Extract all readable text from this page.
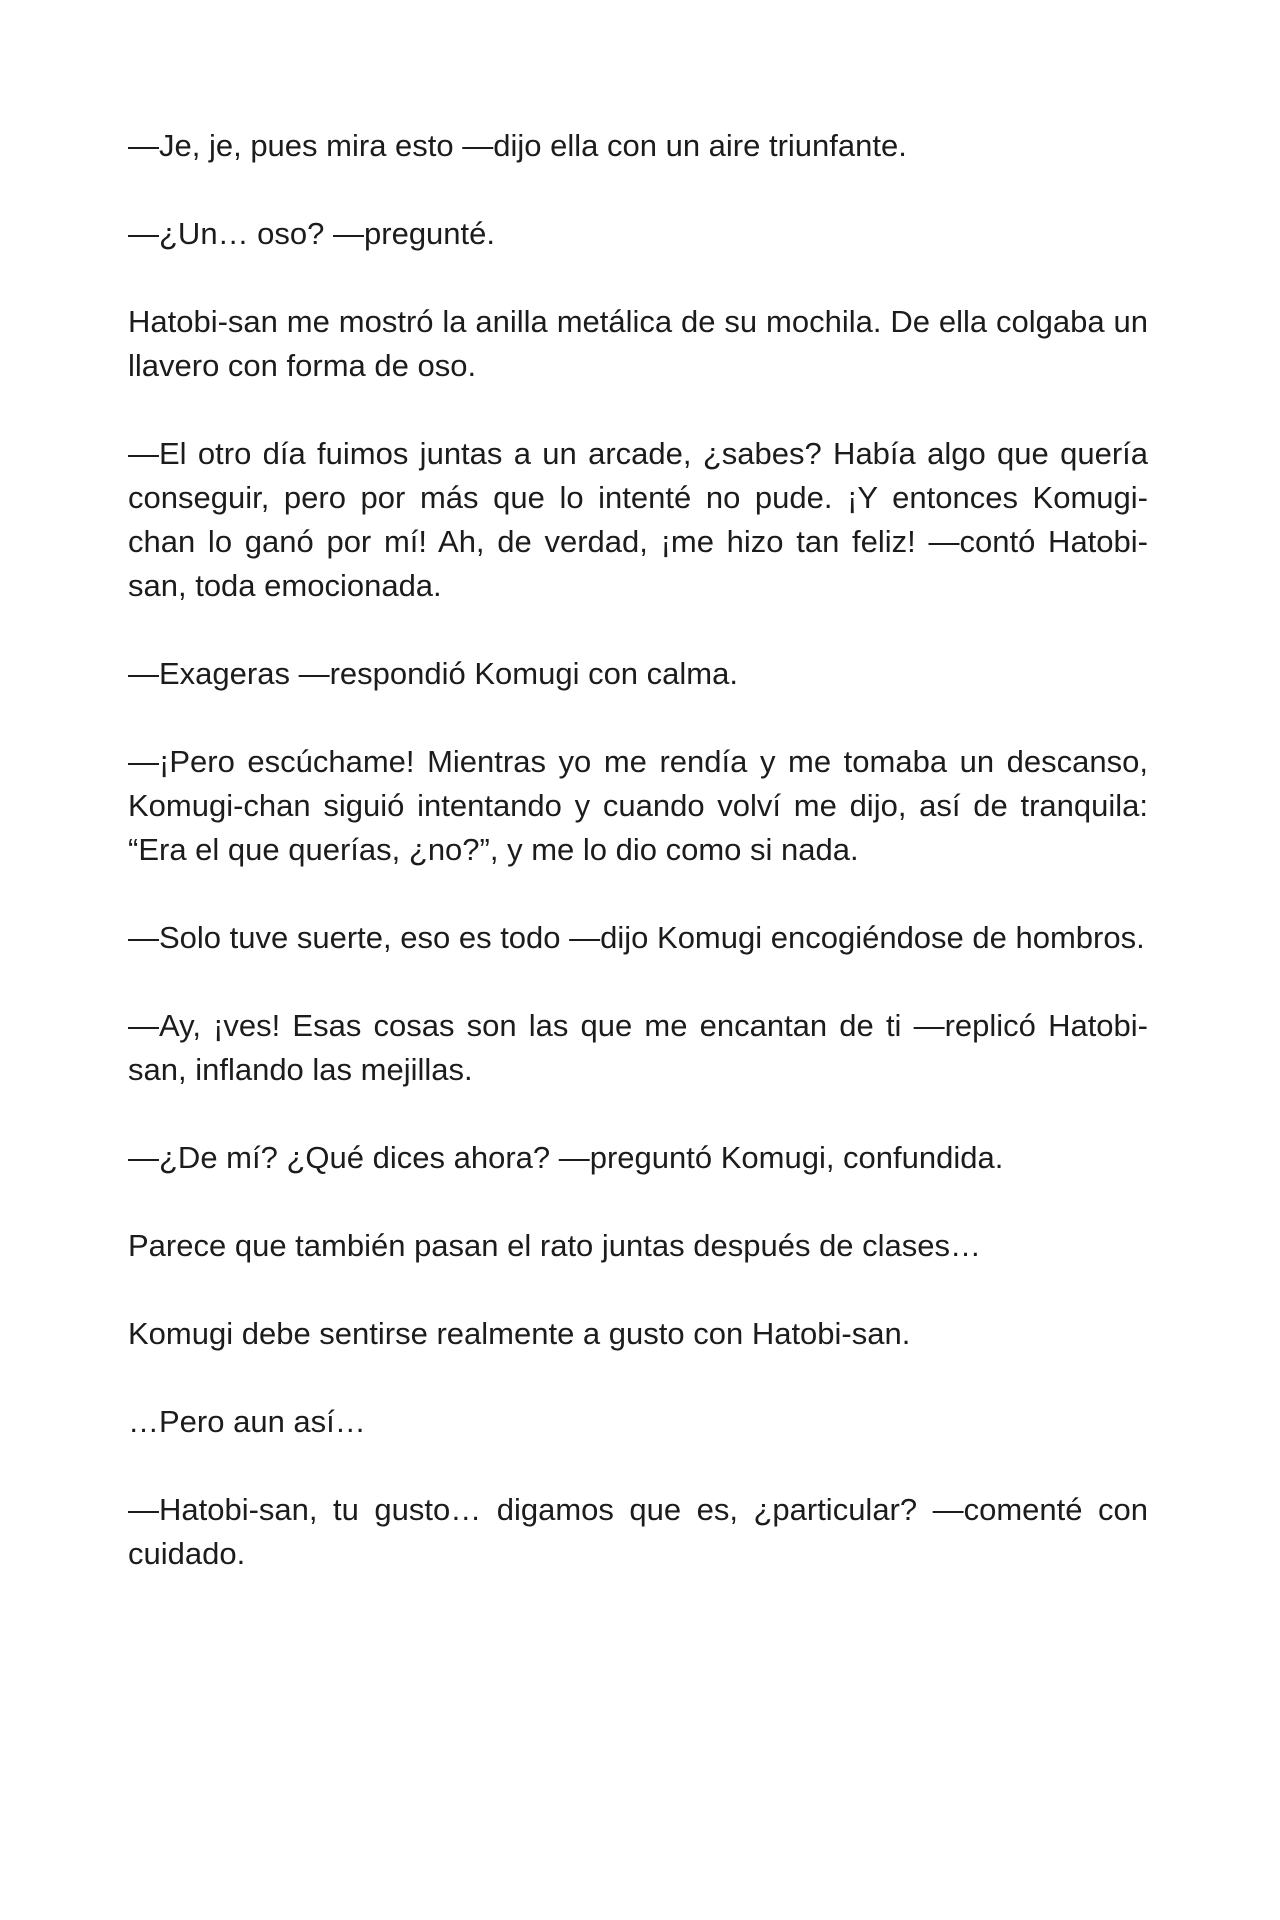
—Je, je, pues mira esto —dijo ella con un aire triunfante.

—¿Un… oso? —pregunté.

Hatobi-san me mostró la anilla metálica de su mochila. De ella colgaba un llavero con forma de oso.

—El otro día fuimos juntas a un arcade, ¿sabes? Había algo que quería conseguir, pero por más que lo intenté no pude. ¡Y entonces Komugi-chan lo ganó por mí! Ah, de verdad, ¡me hizo tan feliz! —contó Hatobi-san, toda emocionada.

—Exageras —respondió Komugi con calma.

—¡Pero escúchame! Mientras yo me rendía y me tomaba un descanso, Komugi-chan siguió intentando y cuando volví me dijo, así de tranquila: “Era el que querías, ¿no?”, y me lo dio como si nada.

—Solo tuve suerte, eso es todo —dijo Komugi encogiéndose de hombros.

—Ay, ¡ves! Esas cosas son las que me encantan de ti —replicó Hatobi-san, inflando las mejillas.

—¿De mí? ¿Qué dices ahora? —preguntó Komugi, confundida.

Parece que también pasan el rato juntas después de clases…

Komugi debe sentirse realmente a gusto con Hatobi-san.

…Pero aun así…

—Hatobi-san, tu gusto… digamos que es, ¿particular? —comenté con cuidado.
